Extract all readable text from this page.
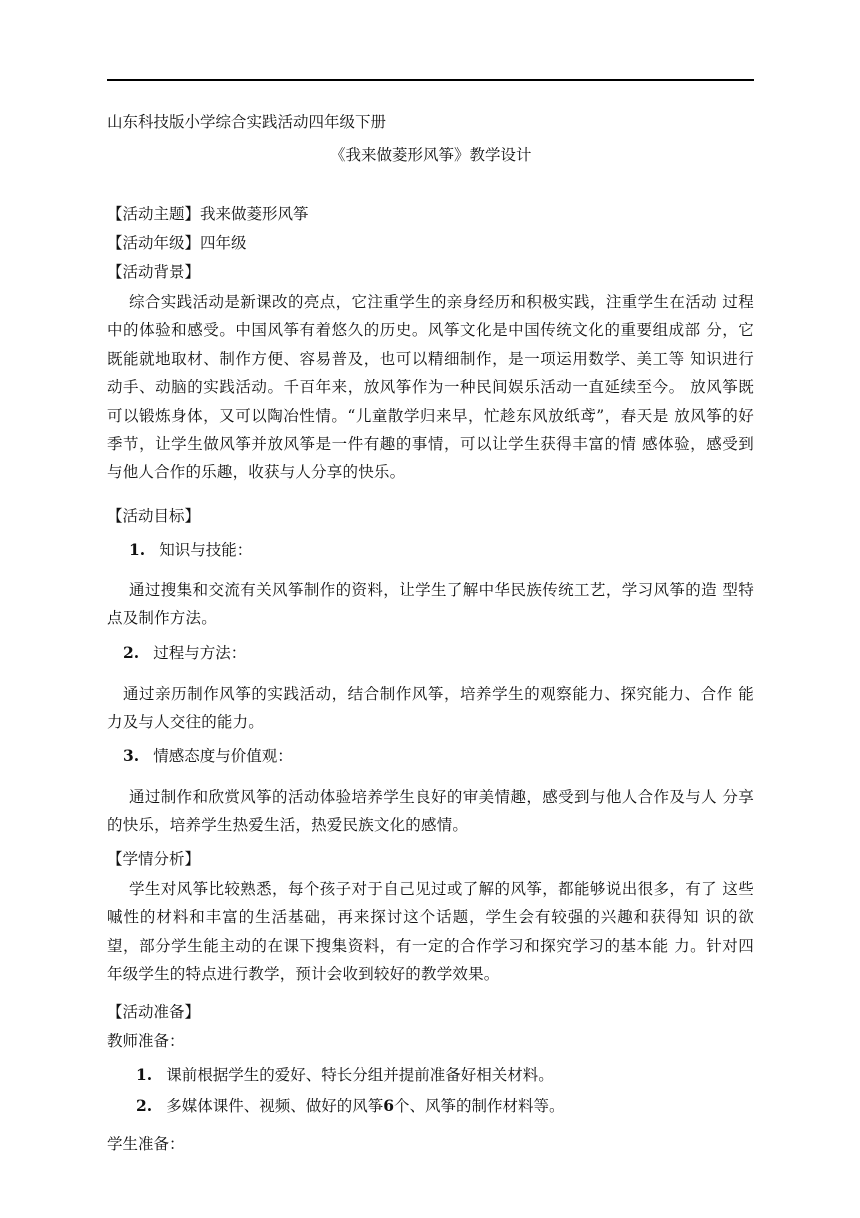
山东科技版小学综合实践活动四年级下册
《我来做菱形风筝》教学设计
【活动主题】我来做菱形风筝
【活动年级】四年级
【活动背景】
综合实践活动是新课改的亮点，它注重学生的亲身经历和积极实践，注重学生在活动 过程中的体验和感受。中国风筝有着悠久的历史。风筝文化是中国传统文化的重要组成部 分，它既能就地取材、制作方便、容易普及，也可以精细制作，是一项运用数学、美工等 知识进行动手、动脑的实践活动。千百年来，放风筝作为一种民间娱乐活动一直延续至今。 放风筝既可以锻炼身体，又可以陶冶性情。“儿童散学归来早，忙趁东风放纸鸢”，春天是 放风筝的好季节，让学生做风筝并放风筝是一件有趣的事情，可以让学生获得丰富的情 感体验，感受到与他人合作的乐趣，收获与人分享的快乐。
【活动目标】
1. 知识与技能：
通过搜集和交流有关风筝制作的资料，让学生了解中华民族传统工艺，学习风筝的造 型特点及制作方法。
2. 过程与方法：
通过亲历制作风筝的实践活动，结合制作风筝，培养学生的观察能力、探究能力、合作 能力及与人交往的能力。
3. 情感态度与价值观：
通过制作和欣赏风筝的活动体验培养学生良好的审美情趣，感受到与他人合作及与人 分享的快乐，培养学生热爱生活，热爱民族文化的感情。
【学情分析】
学生对风筝比较熟悉，每个孩子对于自己见过或了解的风筝，都能够说出很多，有了 这些嘁性的材料和丰富的生活基础，再来探讨这个话题，学生会有较强的兴趣和获得知 识的欲望，部分学生能主动的在课下搜集资料，有一定的合作学习和探究学习的基本能 力。针对四年级学生的特点进行教学，预计会收到较好的教学效果。
【活动准备】
教师准备：
1. 课前根据学生的爱好、特长分组并提前准备好相关材料。
2. 多媒体课件、视频、做好的风筝6个、风筝的制作材料等。
学生准备：
